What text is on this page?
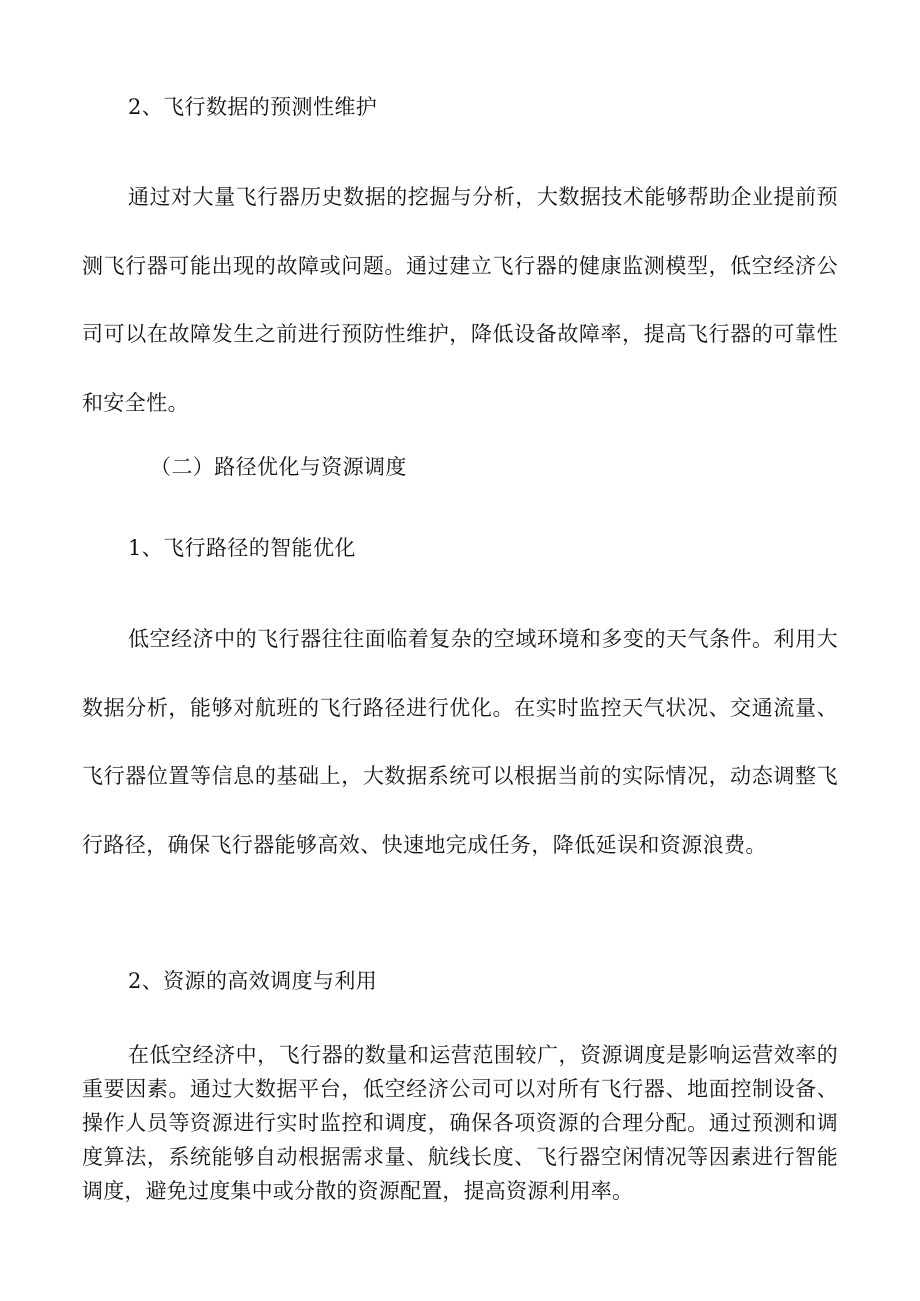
2、飞行数据的预测性维护

通过对大量飞行器历史数据的挖掘与分析，大数据技术能够帮助企业提前预测飞行器可能出现的故障或问题。通过建立飞行器的健康监测模型，低空经济公司可以在故障发生之前进行预防性维护，降低设备故障率，提高飞行器的可靠性和安全性。

（二）路径优化与资源调度

1、飞行路径的智能优化

低空经济中的飞行器往往面临着复杂的空域环境和多变的天气条件。利用大数据分析，能够对航班的飞行路径进行优化。在实时监控天气状况、交通流量、飞行器位置等信息的基础上，大数据系统可以根据当前的实际情况，动态调整飞行路径，确保飞行器能够高效、快速地完成任务，降低延误和资源浪费。

2、资源的高效调度与利用

在低空经济中，飞行器的数量和运营范围较广，资源调度是影响运营效率的重要因素。通过大数据平台，低空经济公司可以对所有飞行器、地面控制设备、操作人员等资源进行实时监控和调度，确保各项资源的合理分配。通过预测和调度算法，系统能够自动根据需求量、航线长度、飞行器空闲情况等因素进行智能调度，避免过度集中或分散的资源配置，提高资源利用率。
